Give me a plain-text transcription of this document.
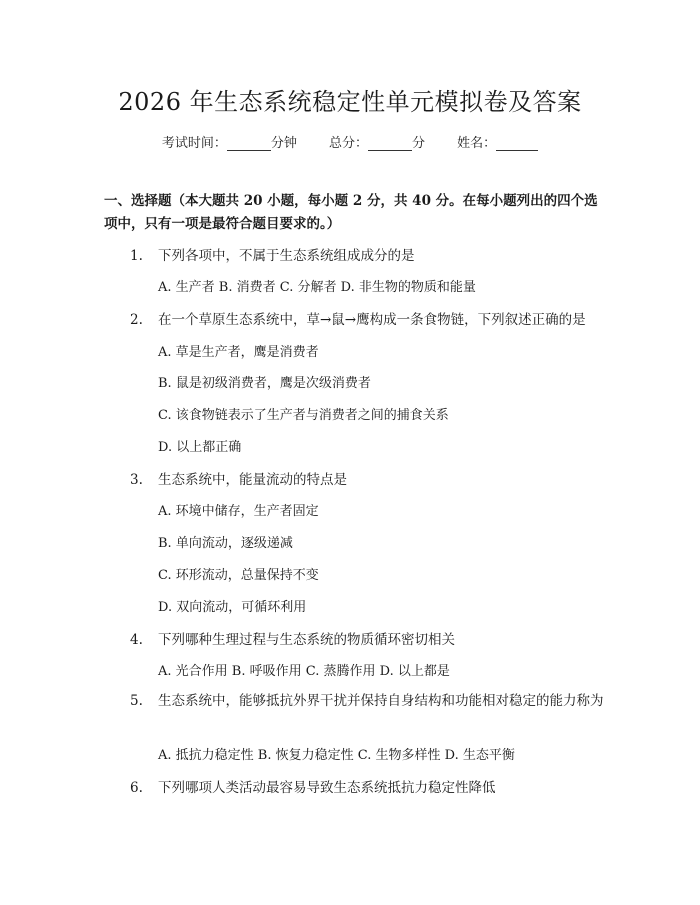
2026 年生态系统稳定性单元模拟卷及答案
考试时间：	分钟 总分：	分 姓名：
一、选择题（本大题共 20 小题，每小题 2 分，共 40 分。在每小题列出的四个选项中，只有一项是最符合题目要求的。）
1. 下列各项中，不属于生态系统组成成分的是
A. 生产者 B. 消费者 C. 分解者 D. 非生物的物质和能量
2. 在一个草原生态系统中，草→鼠→鹰构成一条食物链，下列叙述正确的是
A. 草是生产者，鹰是消费者
B. 鼠是初级消费者，鹰是次级消费者
C. 该食物链表示了生产者与消费者之间的捕食关系
D. 以上都正确
3. 生态系统中，能量流动的特点是
A. 环境中储存，生产者固定
B. 单向流动，逐级递减
C. 环形流动，总量保持不变
D. 双向流动，可循环利用
4. 下列哪种生理过程与生态系统的物质循环密切相关
A. 光合作用 B. 呼吸作用 C. 蒸腾作用 D. 以上都是
5. 生态系统中，能够抵抗外界干扰并保持自身结构和功能相对稳定的能力称为
A. 抵抗力稳定性 B. 恢复力稳定性 C. 生物多样性 D. 生态平衡
6. 下列哪项人类活动最容易导致生态系统抵抗力稳定性降低
